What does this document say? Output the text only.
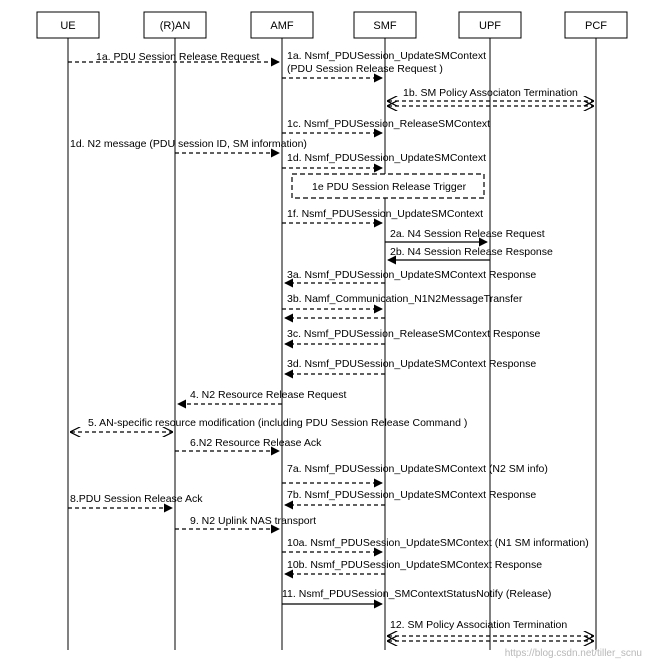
UE	(R)AN	AMF	SMF	UPF	PCF
1a. PDU Session Release Request	1a. Nsmf_PDUSession_UpdateSMContext
(PDU Session Release Request )
1b. SM Policy Associaton Termination
1c. Nsmf_PDUSession_ReleaseSMContext
1d. N2 message (PDU session ID, SM information)
1d. Nsmf_PDUSession_UpdateSMContext
1e PDU Session Release Trigger
1f. Nsmf_PDUSession_UpdateSMContext
2a. N4 Session Release Request
2b. N4 Session Release Response
3a. Nsmf_PDUSession_UpdateSMContext Response
3b. Namf_Communication_N1N2MessageTransfer
3c. Nsmf_PDUSession_ReleaseSMContext Response
3d. Nsmf_PDUSession_UpdateSMContext Response
4. N2 Resource Release Request
5. AN-specific resource modification (including PDU Session Release Command )
6.N2 Resource Release Ack
7a. Nsmf_PDUSession_UpdateSMContext (N2 SM info)
7b. Nsmf_PDUSession_UpdateSMContext Response
8.PDU Session Release Ack
9. N2 Uplink NAS transport
10a. Nsmf_PDUSession_UpdateSMContext (N1 SM information)
10b. Nsmf_PDUSession_UpdateSMContext Response
11. Nsmf_PDUSession_SMContextStatusNotify (Release)
12. SM Policy Association Termination
https://blog.csdn.net/tiller_scnu
